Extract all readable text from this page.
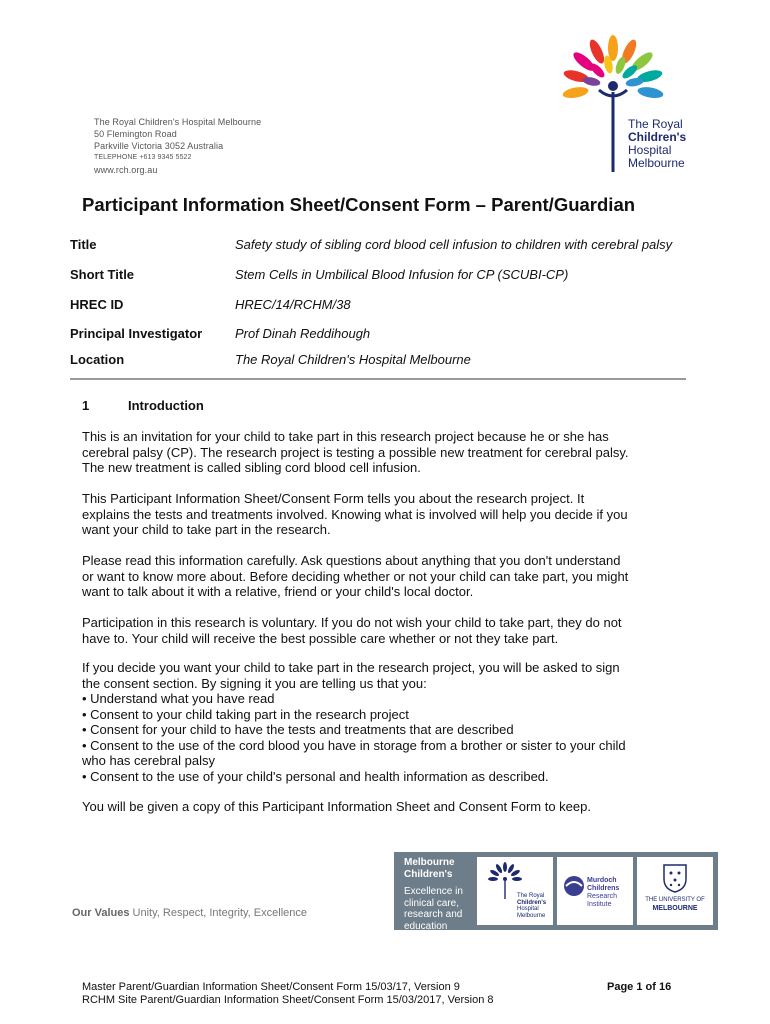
The Royal Children's Hospital Melbourne
50 Flemington Road
Parkville Victoria 3052 Australia
TELEPHONE +613 9345 5522
www.rch.org.au
The Royal
Children's
Hospital
Melbourne
Participant Information Sheet/Consent Form – Parent/Guardian
Title	Safety study of sibling cord blood cell infusion to children with cerebral palsy
Short Title	Stem Cells in Umbilical Blood Infusion for CP (SCUBI-CP)
HREC ID	HREC/14/RCHM/38
Principal Investigator	Prof Dinah Reddihough
Location	The Royal Children's Hospital Melbourne
1	Introduction
This is an invitation for your child to take part in this research project because he or she has
cerebral palsy (CP). The research project is testing a possible new treatment for cerebral palsy.
The new treatment is called sibling cord blood cell infusion.
This Participant Information Sheet/Consent Form tells you about the research project. It
explains the tests and treatments involved. Knowing what is involved will help you decide if you
want your child to take part in the research.
Please read this information carefully. Ask questions about anything that you don't understand
or want to know more about. Before deciding whether or not your child can take part, you might
want to talk about it with a relative, friend or your child's local doctor.
Participation in this research is voluntary. If you do not wish your child to take part, they do not
have to. Your child will receive the best possible care whether or not they take part.
If you decide you want your child to take part in the research project, you will be asked to sign
the consent section. By signing it you are telling us that you:
• Understand what you have read
• Consent to your child taking part in the research project
• Consent for your child to have the tests and treatments that are described
• Consent to the use of the cord blood you have in storage from a brother or sister to your child
who has cerebral palsy
• Consent to the use of your child's personal and health information as described.
You will be given a copy of this Participant Information Sheet and Consent Form to keep.
Our Values Unity, Respect, Integrity, Excellence
Melbourne
Children's
Excellence in
clinical care,
research and
education
The Royal
Children's
Hospital
Melbourne
Murdoch
Childrens
Research
Institute
THE UNIVERSITY OF
MELBOURNE
Master Parent/Guardian Information Sheet/Consent Form 15/03/17, Version 9
RCHM Site Parent/Guardian Information Sheet/Consent Form 15/03/2017, Version 8
Page 1 of 16
